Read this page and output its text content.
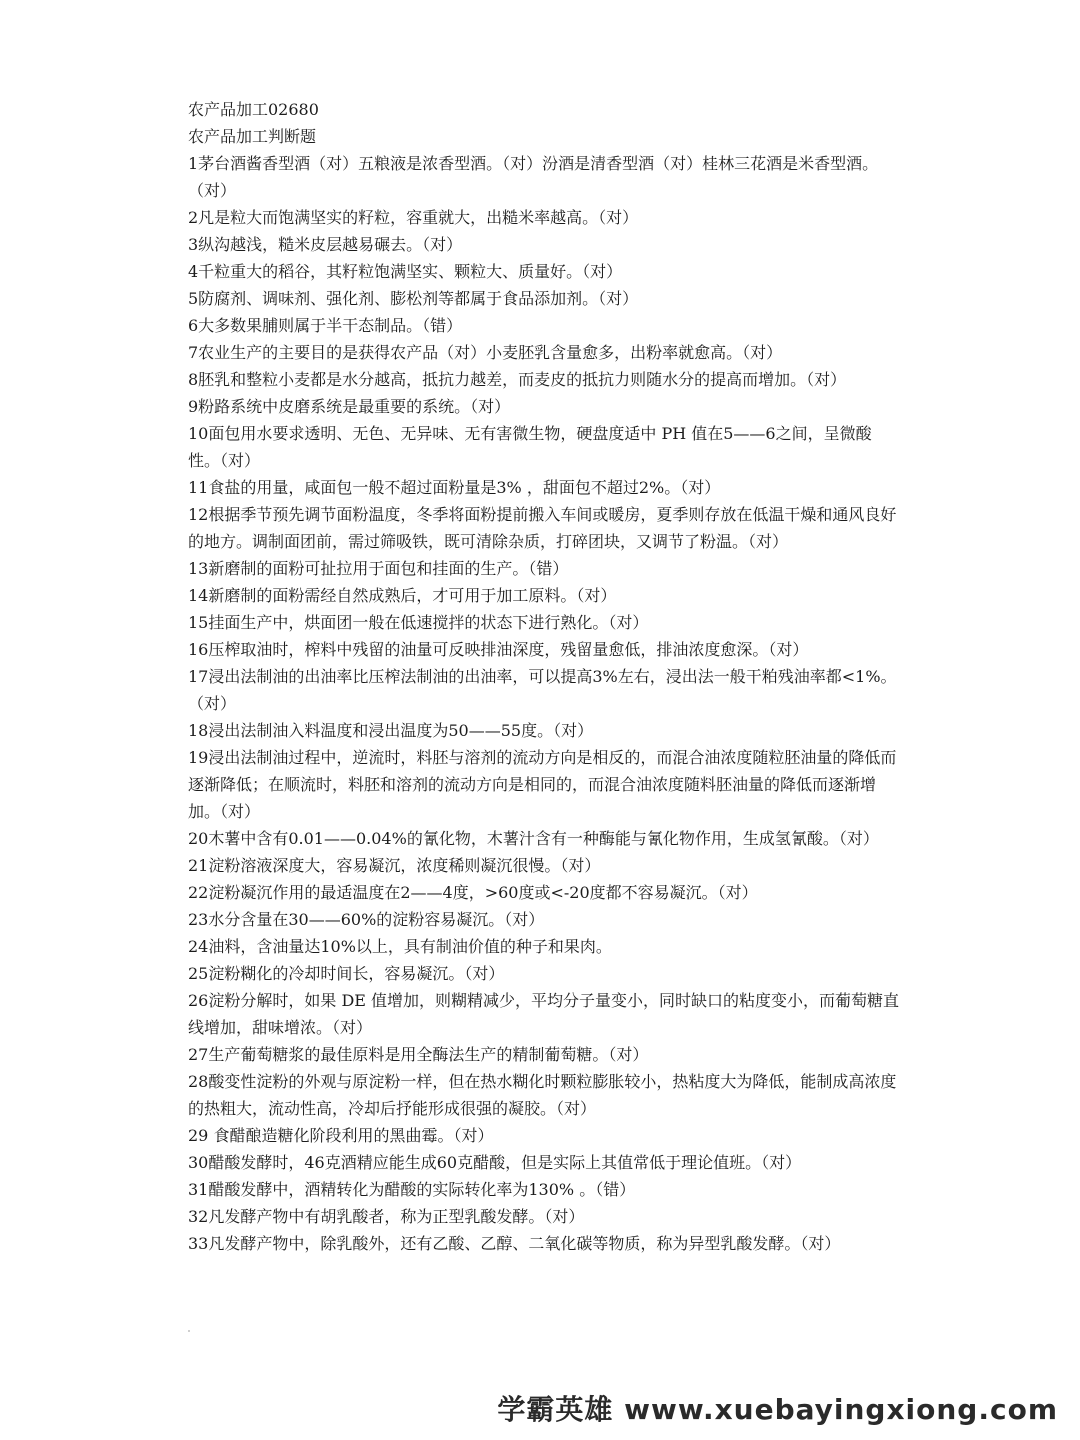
农产品加工02680

农产品加工判断题

1茅台酒酱香型酒（对）五粮液是浓香型酒。（对）汾酒是清香型酒（对）桂林三花酒是米香型酒。（对）

2凡是粒大而饱满坚实的籽粒，容重就大，出糙米率越高。（对）

3纵沟越浅，糙米皮层越易碾去。（对）

4千粒重大的稻谷，其籽粒饱满坚实、颗粒大、质量好。（对）

5防腐剂、调味剂、强化剂、膨松剂等都属于食品添加剂。（对）

6大多数果脯则属于半干态制品。（错）

7农业生产的主要目的是获得农产品（对）小麦胚乳含量愈多，出粉率就愈高。（对）

8胚乳和整粒小麦都是水分越高，抵抗力越差，而麦皮的抵抗力则随水分的提高而增加。（对）

9粉路系统中皮磨系统是最重要的系统。（对）

10面包用水要求透明、无色、无异味、无有害微生物，硬盘度适中 PH 值在5——6之间，呈微酸性。（对）

11食盐的用量，咸面包一般不超过面粉量是3% ，甜面包不超过2%。（对）

12根据季节预先调节面粉温度，冬季将面粉提前搬入车间或暖房，夏季则存放在低温干燥和通风良好的地方。调制面团前，需过筛吸铁，既可清除杂质，打碎团块，又调节了粉温。（对）

13新磨制的面粉可扯拉用于面包和挂面的生产。（错）

14新磨制的面粉需经自然成熟后，才可用于加工原料。（对）

15挂面生产中，烘面团一般在低速搅拌的状态下进行熟化。（对）

16压榨取油时，榨料中残留的油量可反映排油深度，残留量愈低，排油浓度愈深。（对）

17浸出法制油的出油率比压榨法制油的出油率，可以提高3%左右，浸出法一般干粕残油率都<1%。（对）

18浸出法制油入料温度和浸出温度为50——55度。（对）

19浸出法制油过程中，逆流时，料胚与溶剂的流动方向是相反的，而混合油浓度随粒胚油量的降低而逐渐降低；在顺流时，料胚和溶剂的流动方向是相同的，而混合油浓度随料胚油量的降低而逐渐增加。（对）

20木薯中含有0.01——0.04%的氰化物，木薯汁含有一种酶能与氰化物作用，生成氢氰酸。（对）

21淀粉溶液深度大，容易凝沉，浓度稀则凝沉很慢。（对）

22淀粉凝沉作用的最适温度在2——4度，>60度或<-20度都不容易凝沉。（对）

23水分含量在30——60%的淀粉容易凝沉。（对）

24油料，含油量达10%以上，具有制油价值的种子和果肉。

25淀粉糊化的冷却时间长，容易凝沉。（对）

26淀粉分解时，如果 DE 值增加，则糊精减少，平均分子量变小，同时缺口的粘度变小，而葡萄糖直线增加，甜味增浓。（对）

27生产葡萄糖浆的最佳原料是用全酶法生产的精制葡萄糖。（对）

28酸变性淀粉的外观与原淀粉一样，但在热水糊化时颗粒膨胀较小，热粘度大为降低，能制成高浓度的热粗大，流动性高，冷却后抒能形成很强的凝胶。（对）

29 食醋酿造糖化阶段利用的黑曲霉。（对）

30醋酸发酵时，46克酒精应能生成60克醋酸，但是实际上其值常低于理论值班。（对）

31醋酸发酵中，酒精转化为醋酸的实际转化率为130% 。（错）

32凡发酵产物中有胡乳酸者，称为正型乳酸发酵。（对）

33凡发酵产物中，除乳酸外，还有乙酸、乙醇、二氧化碳等物质，称为异型乳酸发酵。（对）

学霸英雄 www.xuebayingxiong.com
